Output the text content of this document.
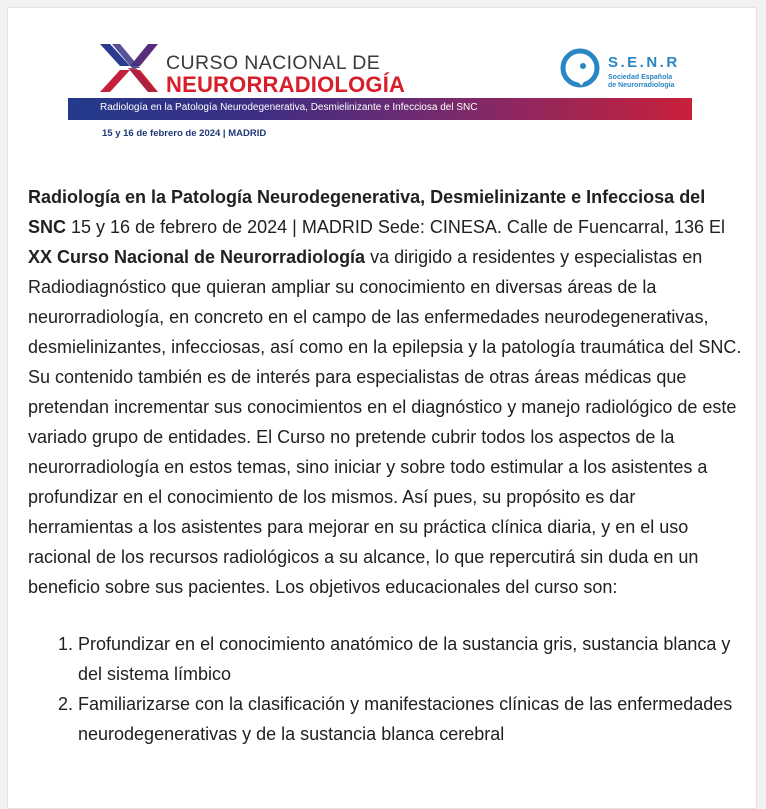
CURSO NACIONAL DE
NEURORRADIOLOGÍA
S.E.N.R
Sociedad Española
de Neurorradiología
Radiología en la Patología Neurodegenerativa, Desmielinizante e Infecciosa del SNC
15 y 16 de febrero de 2024 | MADRID

Radiología en la Patología Neurodegenerativa, Desmielinizante e Infecciosa del SNC 15 y 16 de febrero de 2024 | MADRID Sede: CINESA. Calle de Fuencarral, 136 El XX Curso Nacional de Neurorradiología va dirigido a residentes y especialistas en Radiodiagnóstico que quieran ampliar su conocimiento en diversas áreas de la neurorradiología, en concreto en el campo de las enfermedades neurodegenerativas, desmielinizantes, infecciosas, así como en la epilepsia y la patología traumática del SNC. Su contenido también es de interés para especialistas de otras áreas médicas que pretendan incrementar sus conocimientos en el diagnóstico y manejo radiológico de este variado grupo de entidades. El Curso no pretende cubrir todos los aspectos de la neurorradiología en estos temas, sino iniciar y sobre todo estimular a los asistentes a profundizar en el conocimiento de los mismos. Así pues, su propósito es dar herramientas a los asistentes para mejorar en su práctica clínica diaria, y en el uso racional de los recursos radiológicos a su alcance, lo que repercutirá sin duda en un beneficio sobre sus pacientes. Los objetivos educacionales del curso son:

1. Profundizar en el conocimiento anatómico de la sustancia gris, sustancia blanca y del sistema límbico
2. Familiarizarse con la clasificación y manifestaciones clínicas de las enfermedades neurodegenerativas y de la sustancia blanca cerebral
